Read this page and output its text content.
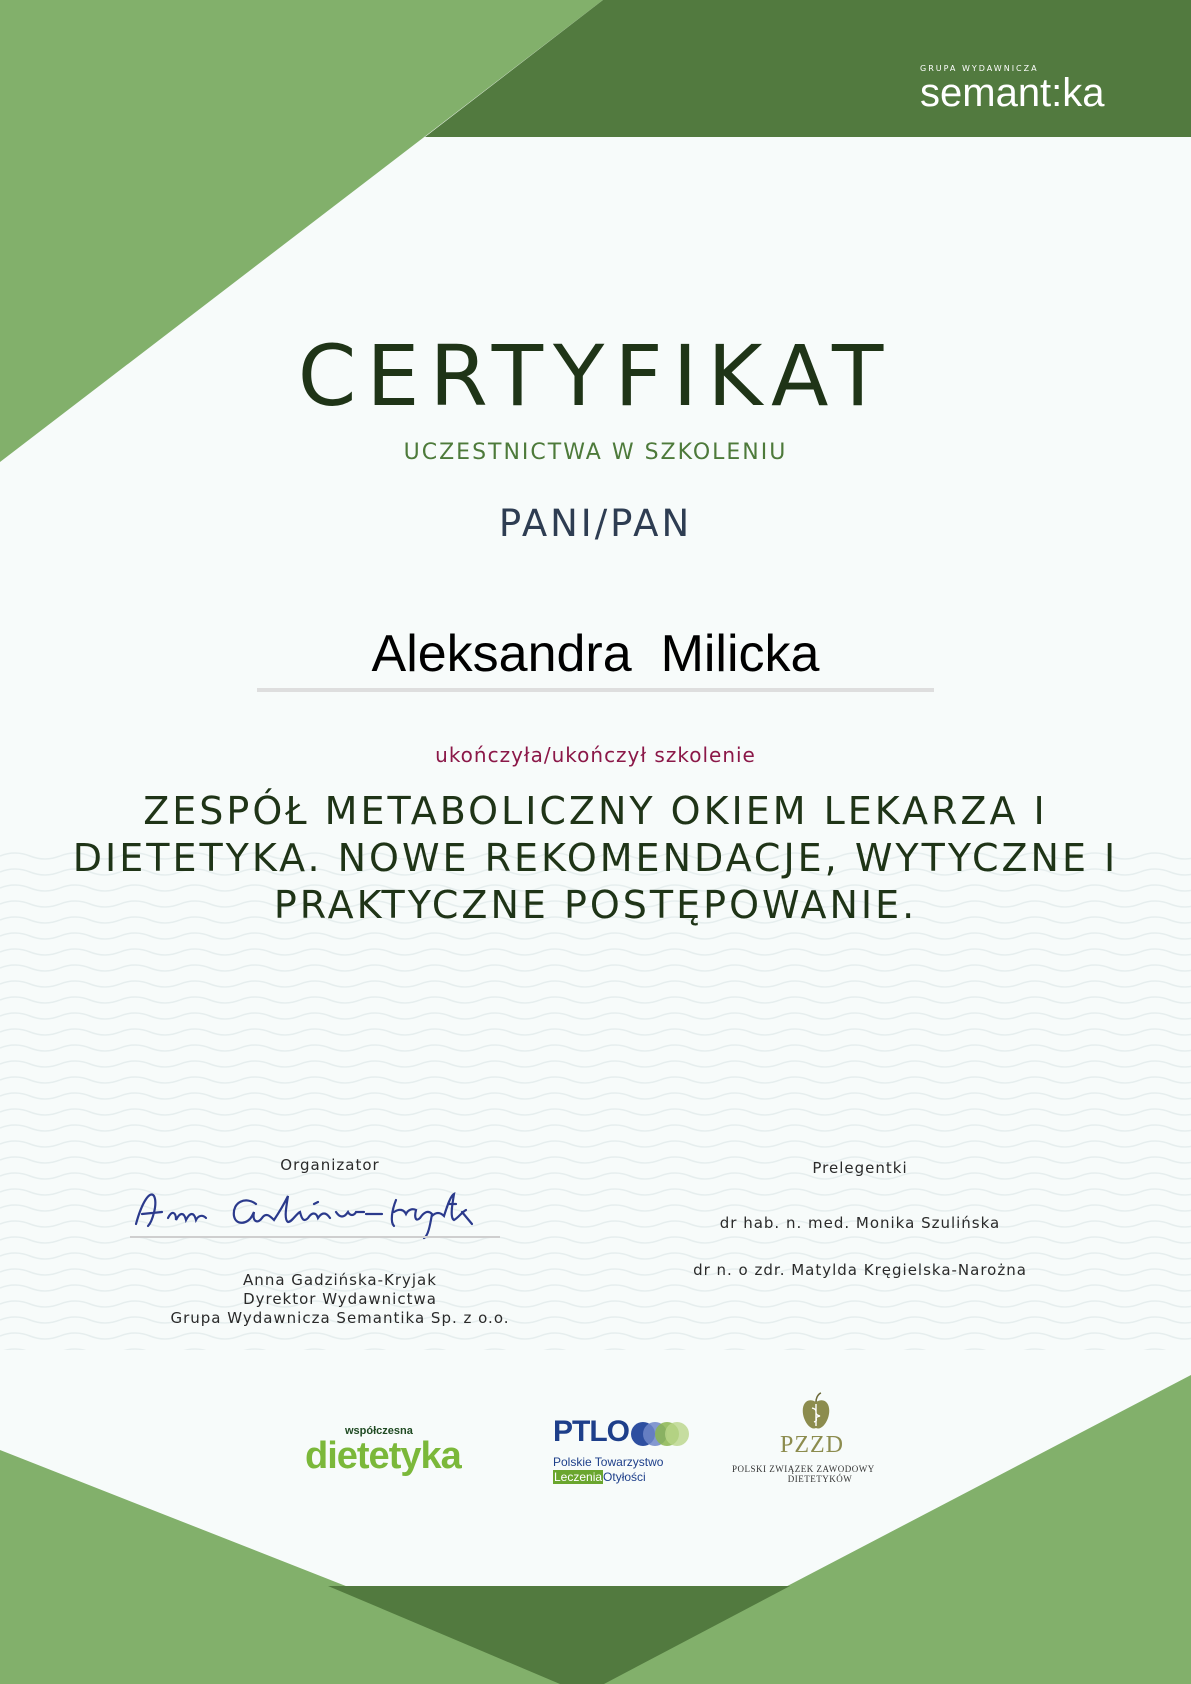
GRUPA WYDAWNICZA
semant:ka
CERTYFIKAT
UCZESTNICTWA W SZKOLENIU
PANI/PAN
Aleksandra  Milicka
ukończyła/ukończył szkolenie
ZESPÓŁ METABOLICZNY OKIEM LEKARZA I DIETETYKA. NOWE REKOMENDACJE, WYTYCZNE I PRAKTYCZNE POSTĘPOWANIE.
Organizator
Anna Gadzińska-Kryjak
Dyrektor Wydawnictwa
Grupa Wydawnicza Semantika Sp. z o.o.
Prelegentki
dr hab. n. med. Monika Szulińska
dr n. o zdr. Matylda Kręgielska-Narożna
współczesna
dietetyka
PTLO
Polskie Towarzystwo
LeczeniaOtyłości
PZZD
POLSKI ZWIĄZEK ZAWODOWY
DIETETYKÓW
